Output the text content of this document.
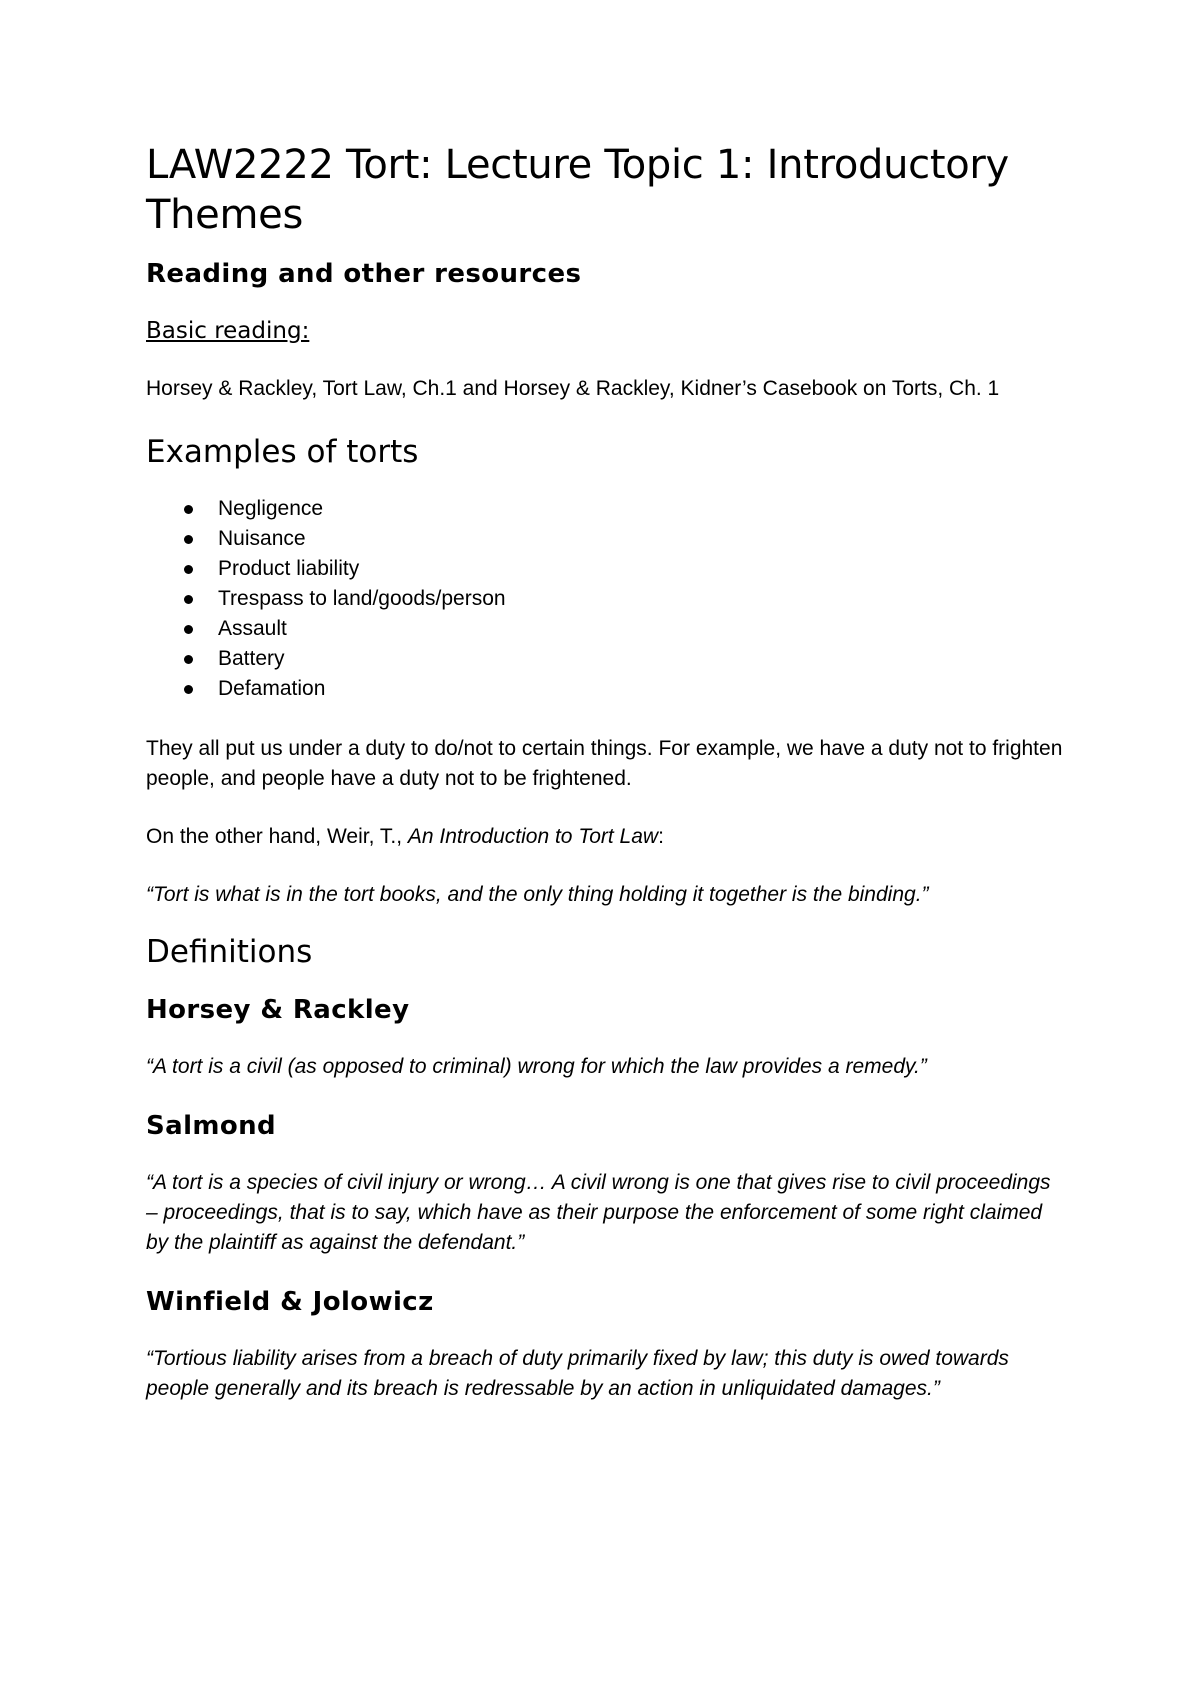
LAW2222 Tort: Lecture Topic 1: Introductory Themes
Reading and other resources
Basic reading:

Horsey & Rackley, Tort Law, Ch.1 and Horsey & Rackley, Kidner’s Casebook on Torts, Ch. 1

Examples of torts
Negligence
Nuisance
Product liability
Trespass to land/goods/person
Assault
Battery
Defamation

They all put us under a duty to do/not to certain things. For example, we have a duty not to frighten people, and people have a duty not to be frightened.

On the other hand, Weir, T., An Introduction to Tort Law:

“Tort is what is in the tort books, and the only thing holding it together is the binding.”

Definitions
Horsey & Rackley

“A tort is a civil (as opposed to criminal) wrong for which the law provides a remedy.”

Salmond

“A tort is a species of civil injury or wrong… A civil wrong is one that gives rise to civil proceedings – proceedings, that is to say, which have as their purpose the enforcement of some right claimed by the plaintiff as against the defendant.”

Winfield & Jolowicz

“Tortious liability arises from a breach of duty primarily fixed by law; this duty is owed towards people generally and its breach is redressable by an action in unliquidated damages.”
